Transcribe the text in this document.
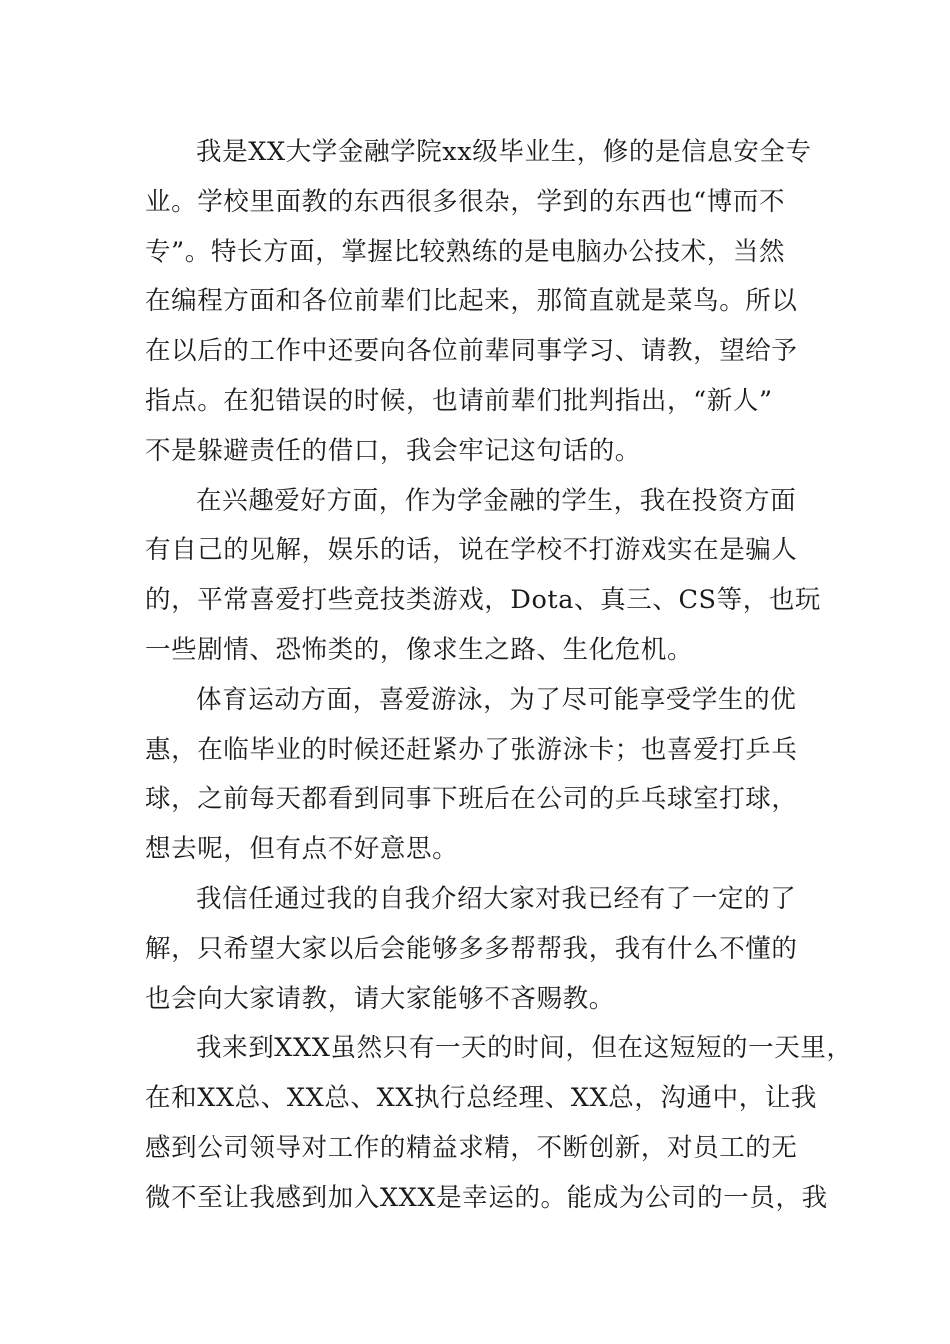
我是XX大学金融学院xx级毕业生，修的是信息安全专
业。学校里面教的东西很多很杂，学到的东西也“博而不
专”。特长方面，掌握比较熟练的是电脑办公技术，当然
在编程方面和各位前辈们比起来，那简直就是菜鸟。所以
在以后的工作中还要向各位前辈同事学习、请教，望给予
指点。在犯错误的时候，也请前辈们批判指出，“新人”
不是躲避责任的借口，我会牢记这句话的。
在兴趣爱好方面，作为学金融的学生，我在投资方面
有自己的见解，娱乐的话，说在学校不打游戏实在是骗人
的，平常喜爱打些竞技类游戏，Dota、真三、CS等，也玩
一些剧情、恐怖类的，像求生之路、生化危机。
体育运动方面，喜爱游泳，为了尽可能享受学生的优
惠，在临毕业的时候还赶紧办了张游泳卡；也喜爱打乒乓
球，之前每天都看到同事下班后在公司的乒乓球室打球，
想去呢，但有点不好意思。
我信任通过我的自我介绍大家对我已经有了一定的了
解，只希望大家以后会能够多多帮帮我，我有什么不懂的
也会向大家请教，请大家能够不吝赐教。
我来到XXX虽然只有一天的时间，但在这短短的一天里，
在和XX总、XX总、XX执行总经理、XX总，沟通中，让我
感到公司领导对工作的精益求精，不断创新，对员工的无
微不至让我感到加入XXX是幸运的。能成为公司的一员，我
